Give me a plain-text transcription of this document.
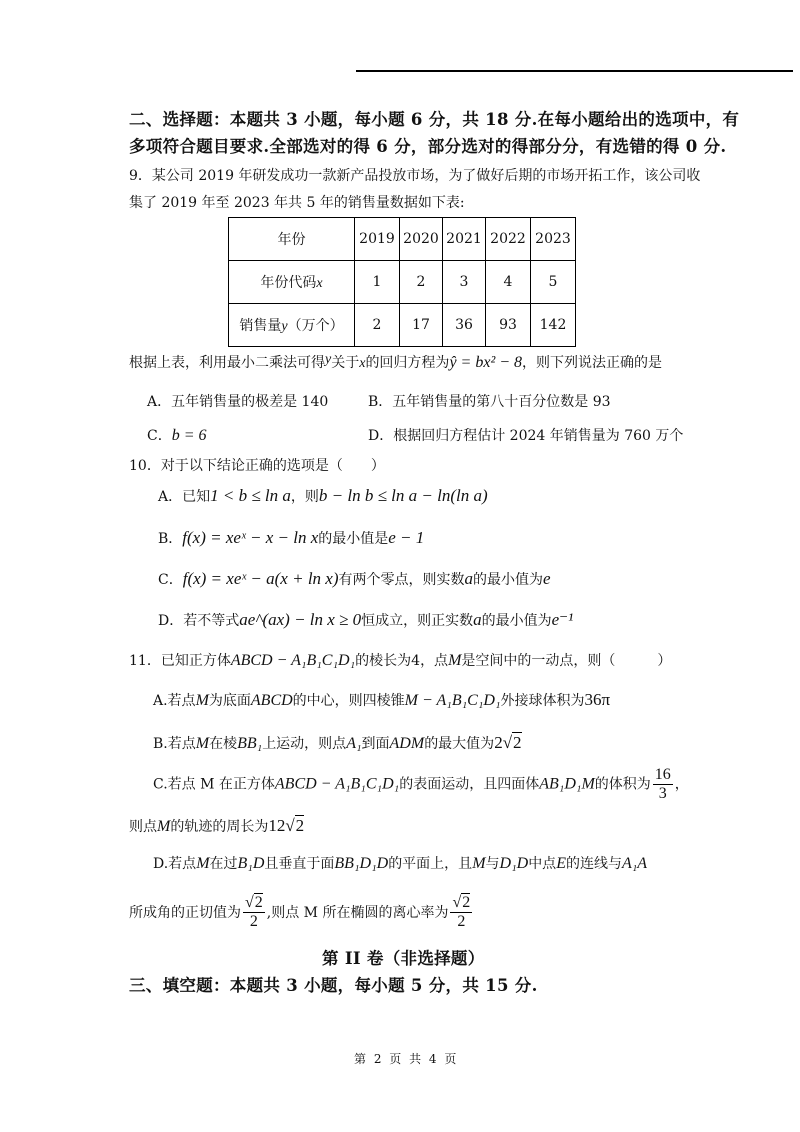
二、选择题：本题共 3 小题，每小题 6 分，共 18 分.在每小题给出的选项中，有
多项符合题目要求.全部选对的得 6 分，部分选对的得部分分，有选错的得 0 分.
9．某公司 2019 年研发成功一款新产品投放市场，为了做好后期的市场开拓工作，该公司收
集了 2019 年至 2023 年共 5 年的销售量数据如下表:
年份	2019	2020	2021	2022	2023
年份代码x	1	2	3	4	5
销售量y（万个）	2	17	36	93	142
根据上表，利用最小二乘法可得y关于x的回归方程为ŷ = bx² − 8，则下列说法正确的是
A．五年销售量的极差是 140	B．五年销售量的第八十百分位数是 93
C．b = 6	D．根据回归方程估计 2024 年销售量为 760 万个
10．对于以下结论正确的选项是（　　）
A．已知1 < b ≤ ln a，则b − ln b ≤ ln a − ln(ln a)
B．f(x) = xeˣ − x − ln x的最小值是e − 1
C．f(x) = xeˣ − a(x + ln x)有两个零点，则实数a的最小值为e
D．若不等式ae^(ax) − ln x ≥ 0恒成立，则正实数a的最小值为e⁻¹
11．已知正方体ABCD − A₁B₁C₁D₁的棱长为4，点M是空间中的一动点，则（　　　）
A.若点M为底面ABCD的中心，则四棱锥M − A₁B₁C₁D₁外接球体积为36π
B.若点M在棱BB₁上运动，则点A₁到面ADM的最大值为2√2
C.若点 M 在正方体ABCD − A₁B₁C₁D₁的表面运动，且四面体AB₁D₁M的体积为 $\frac{16}{3}$ ，
则点M的轨迹的周长为12√2
D.若点M在过B₁D且垂直于面BB₁D₁D的平面上，且M与D₁D中点E的连线与A₁A
所成角的正切值为 $\frac{√2}{2}$ ,则点 M 所在椭圆的离心率为 $\frac{√2}{2}$
第 II 卷（非选择题）
三、填空题：本题共 3 小题，每小题 5 分，共 15 分.
第 2 页 共 4 页
